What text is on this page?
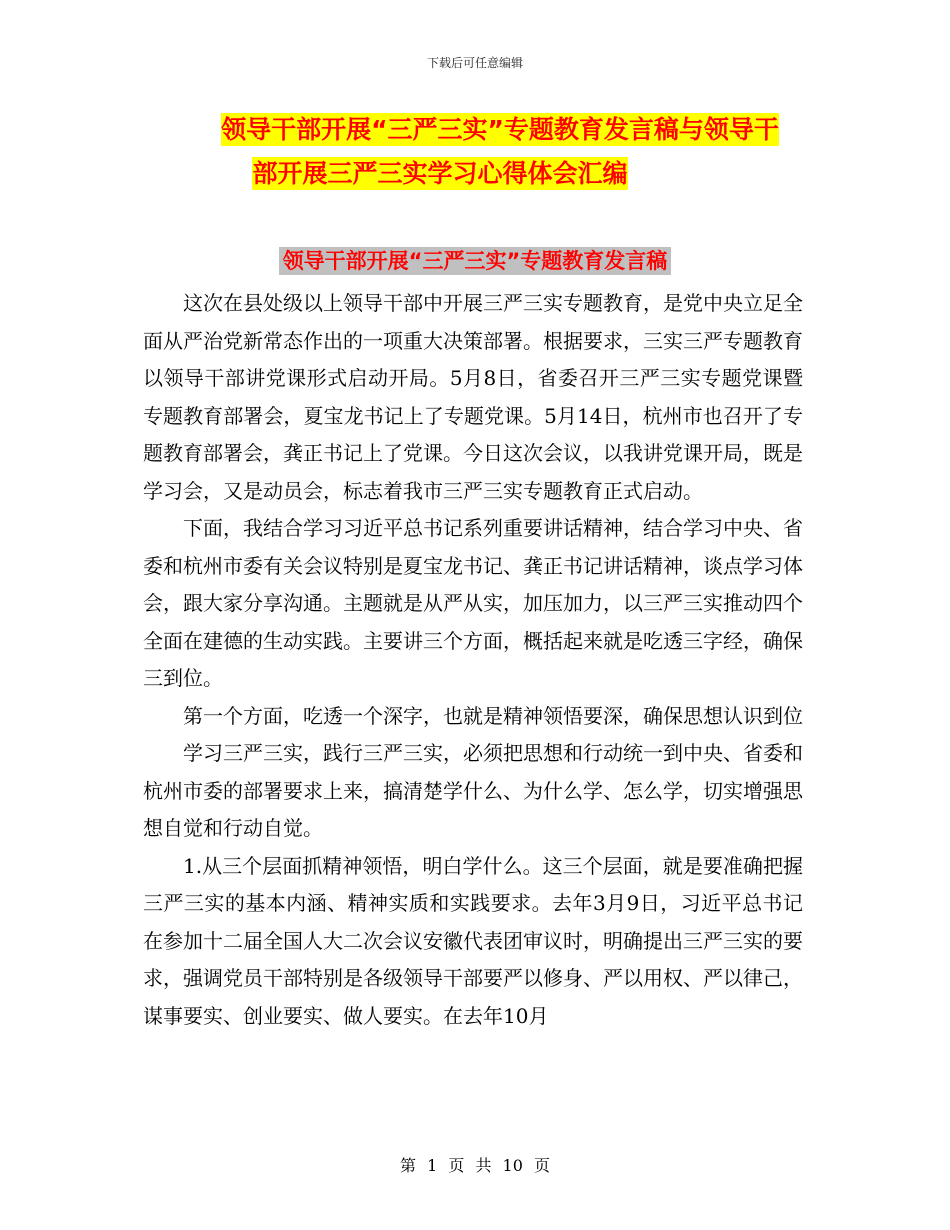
下载后可任意编辑
领导干部开展“三严三实”专题教育发言稿与领导干
部开展三严三实学习心得体会汇编
领导干部开展“三严三实”专题教育发言稿

这次在县处级以上领导干部中开展三严三实专题教育，是党中央立足全面从严治党新常态作出的一项重大决策部署。根据要求，三实三严专题教育以领导干部讲党课形式启动开局。5月8日，省委召开三严三实专题党课暨专题教育部署会，夏宝龙书记上了专题党课。5月14日，杭州市也召开了专题教育部署会，龚正书记上了党课。今日这次会议，以我讲党课开局，既是学习会，又是动员会，标志着我市三严三实专题教育正式启动。

下面，我结合学习习近平总书记系列重要讲话精神，结合学习中央、省委和杭州市委有关会议特别是夏宝龙书记、龚正书记讲话精神，谈点学习体会，跟大家分享沟通。主题就是从严从实，加压加力，以三严三实推动四个全面在建德的生动实践。主要讲三个方面，概括起来就是吃透三字经，确保三到位。

第一个方面，吃透一个深字，也就是精神领悟要深，确保思想认识到位

学习三严三实，践行三严三实，必须把思想和行动统一到中央、省委和杭州市委的部署要求上来，搞清楚学什么、为什么学、怎么学，切实增强思想自觉和行动自觉。

1.从三个层面抓精神领悟，明白学什么。这三个层面，就是要准确把握三严三实的基本内涵、精神实质和实践要求。去年3月9日，习近平总书记在参加十二届全国人大二次会议安徽代表团审议时，明确提出三严三实的要求，强调党员干部特别是各级领导干部要严以修身、严以用权、严以律己，谋事要实、创业要实、做人要实。在去年10月

第 1 页 共 10 页
